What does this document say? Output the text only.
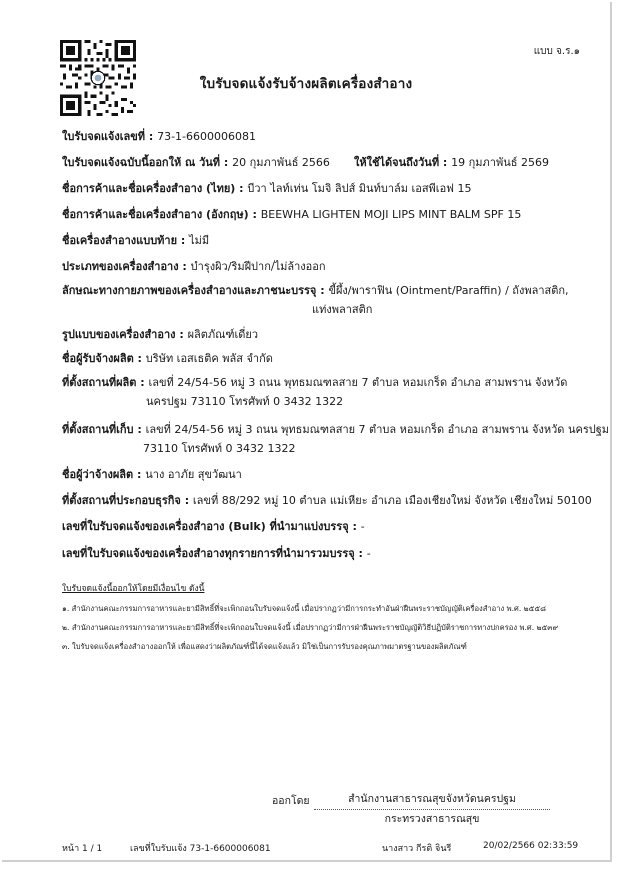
แบบ จ.ร.๑
ใบรับจดแจ้งรับจ้างผลิตเครื่องสำอาง
ใบรับจดแจ้งเลขที่ : 73-1-6600006081
ใบรับจดแจ้งฉบับนี้ออกให้ ณ วันที่ : 20 กุมภาพันธ์ 2566 ให้ใช้ได้จนถึงวันที่ : 19 กุมภาพันธ์ 2569
ชื่อการค้าและชื่อเครื่องสำอาง (ไทย) : บีวา ไลท์เท่น โมจิ ลิปส์ มินท์บาล์ม เอสพีเอฟ 15
ชื่อการค้าและชื่อเครื่องสำอาง (อังกฤษ) : BEEWHA LIGHTEN MOJI LIPS MINT BALM SPF 15
ชื่อเครื่องสำอางแบบท้าย : ไม่มี
ประเภทของเครื่องสำอาง : บำรุงผิว/ริมฝีปาก/ไม่ล้างออก
ลักษณะทางกายภาพของเครื่องสำอางและภาชนะบรรจุ : ขี้ผึ้ง/พาราฟิน (Ointment/Paraffin) / ถังพลาสติก,
แท่งพลาสติก
รูปแบบของเครื่องสำอาง : ผลิตภัณฑ์เดี่ยว
ชื่อผู้รับจ้างผลิต : บริษัท เอสเธติค พลัส จำกัด
ที่ตั้งสถานที่ผลิต : เลขที่ 24/54-56 หมู่ 3 ถนน พุทธมณฑลสาย 7 ตำบล หอมเกร็ด อำเภอ สามพราน จังหวัด
นครปฐม 73110 โทรศัพท์ 0 3432 1322
ที่ตั้งสถานที่เก็บ : เลขที่ 24/54-56 หมู่ 3 ถนน พุทธมณฑลสาย 7 ตำบล หอมเกร็ด อำเภอ สามพราน จังหวัด นครปฐม
73110 โทรศัพท์ 0 3432 1322
ชื่อผู้ว่าจ้างผลิต : นาง อาภัย สุขวัฒนา
ที่ตั้งสถานที่ประกอบธุรกิจ : เลขที่ 88/292 หมู่ 10 ตำบล แม่เหียะ อำเภอ เมืองเชียงใหม่ จังหวัด เชียงใหม่ 50100
เลขที่ใบรับจดแจ้งของเครื่องสำอาง (Bulk) ที่นำมาแบ่งบรรจุ : -
เลขที่ใบรับจดแจ้งของเครื่องสำอางทุกรายการที่นำมารวมบรรจุ : -
ใบรับจดแจ้งนี้ออกให้โดยมีเงื่อนไข ดังนี้
๑. สำนักงานคณะกรรมการอาหารและยามีสิทธิ์ที่จะเพิกถอนใบรับจดแจ้งนี้ เมื่อปรากฏว่ามีการกระทำอันฝ่าฝืนพระราชบัญญัติเครื่องสำอาง พ.ศ. ๒๕๕๘
๒. สำนักงานคณะกรรมการอาหารและยามีสิทธิ์ที่จะเพิกถอนใบจดแจ้งนี้ เมื่อปรากฏว่ามีการฝ่าฝืนพระราชบัญญัติวิธีปฏิบัติราชการทางปกครอง พ.ศ. ๒๕๓๙
๓. ใบรับจดแจ้งเครื่องสำอางออกให้ เพื่อแสดงว่าผลิตภัณฑ์นี้ได้จดแจ้งแล้ว มิใช่เป็นการรับรองคุณภาพมาตรฐานของผลิตภัณฑ์
ออกโดย	สำนักงานสาธารณสุขจังหวัดนครปฐม
กระทรวงสาธารณสุข
หน้า 1 / 1	เลขที่ใบรับแจ้ง 73-1-6600006081	นางสาว กีรติ จินรี	20/02/2566 02:33:59
